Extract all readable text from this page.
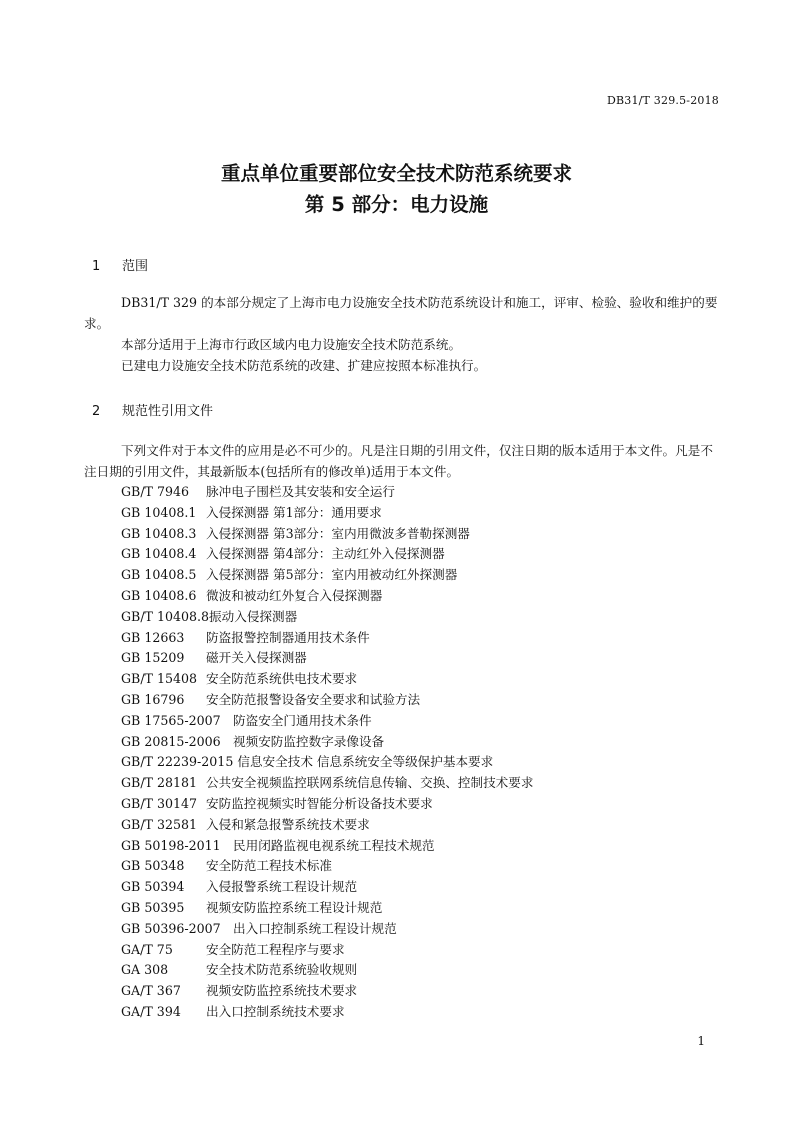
DB31/T 329.5-2018
重点单位重要部位安全技术防范系统要求
第 5 部分：电力设施
1 范围
DB31/T 329 的本部分规定了上海市电力设施安全技术防范系统设计和施工，评审、检验、验收和维护的要求。
本部分适用于上海市行政区域内电力设施安全技术防范系统。
已建电力设施安全技术防范系统的改建、扩建应按照本标准执行。
2 规范性引用文件
下列文件对于本文件的应用是必不可少的。凡是注日期的引用文件，仅注日期的版本适用于本文件。凡是不注日期的引用文件，其最新版本(包括所有的修改单)适用于本文件。
GB/T 7946	脉冲电子围栏及其安装和安全运行
GB 10408.1 入侵探测器 第1部分：通用要求
GB 10408.3 入侵探测器 第3部分：室内用微波多普勒探测器
GB 10408.4 入侵探测器 第4部分：主动红外入侵探测器
GB 10408.5 入侵探测器 第5部分：室内用被动红外探测器
GB 10408.6 微波和被动红外复合入侵探测器
GB/T 10408.8 振动入侵探测器
GB 12663	防盗报警控制器通用技术条件
GB 15209	磁开关入侵探测器
GB/T 15408 安全防范系统供电技术要求
GB 16796	安全防范报警设备安全要求和试验方法
GB 17565-2007 防盗安全门通用技术条件
GB 20815-2006 视频安防监控数字录像设备
GB/T 22239-2015 信息安全技术 信息系统安全等级保护基本要求
GB/T 28181 公共安全视频监控联网系统信息传输、交换、控制技术要求
GB/T 30147 安防监控视频实时智能分析设备技术要求
GB/T 32581 入侵和紧急报警系统技术要求
GB 50198-2011 民用闭路监视电视系统工程技术规范
GB 50348	安全防范工程技术标准
GB 50394	入侵报警系统工程设计规范
GB 50395	视频安防监控系统工程设计规范
GB 50396-2007 出入口控制系统工程设计规范
GA/T 75	安全防范工程程序与要求
GA 308	安全技术防范系统验收规则
GA/T 367	视频安防监控系统技术要求
GA/T 394	出入口控制系统技术要求
1
